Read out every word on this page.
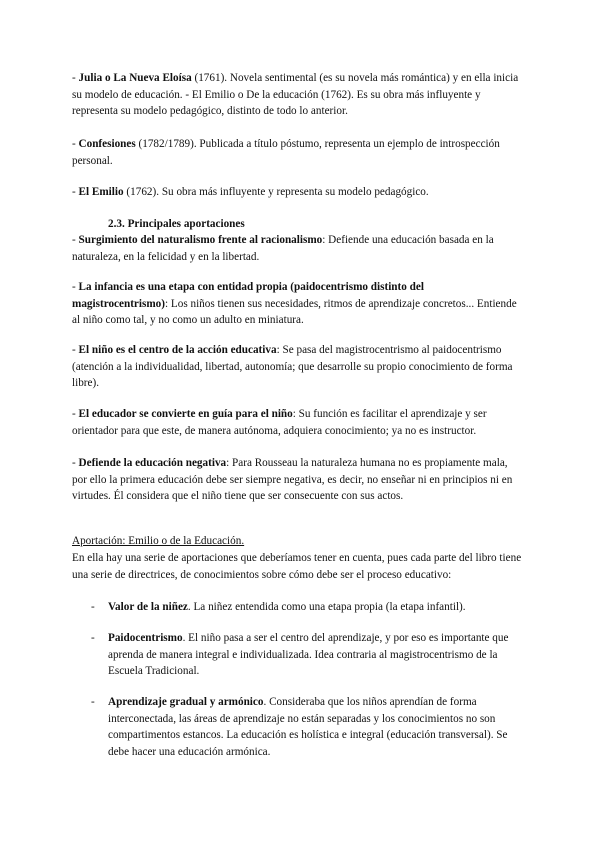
- Julia o La Nueva Eloísa (1761). Novela sentimental (es su novela más romántica) y en ella inicia su modelo de educación. - El Emilio o De la educación (1762). Es su obra más influyente y representa su modelo pedagógico, distinto de todo lo anterior.
- Confesiones (1782/1789). Publicada a título póstumo, representa un ejemplo de introspección personal.
- El Emilio (1762). Su obra más influyente y representa su modelo pedagógico.
2.3. Principales aportaciones
- Surgimiento del naturalismo frente al racionalismo: Defiende una educación basada en la naturaleza, en la felicidad y en la libertad.
- La infancia es una etapa con entidad propia (paidocentrismo distinto del magistrocentrismo): Los niños tienen sus necesidades, ritmos de aprendizaje concretos... Entiende al niño como tal, y no como un adulto en miniatura.
- El niño es el centro de la acción educativa: Se pasa del magistrocentrismo al paidocentrismo (atención a la individualidad, libertad, autonomía; que desarrolle su propio conocimiento de forma libre).
- El educador se convierte en guía para el niño: Su función es facilitar el aprendizaje y ser orientador para que este, de manera autónoma, adquiera conocimiento; ya no es instructor.
- Defiende la educación negativa: Para Rousseau la naturaleza humana no es propiamente mala, por ello la primera educación debe ser siempre negativa, es decir, no enseñar ni en principios ni en virtudes. Él considera que el niño tiene que ser consecuente con sus actos.
Aportación: Emilio o de la Educación.
En ella hay una serie de aportaciones que deberíamos tener en cuenta, pues cada parte del libro tiene una serie de directrices, de conocimientos sobre cómo debe ser el proceso educativo:
- Valor de la niñez. La niñez entendida como una etapa propia (la etapa infantil).
- Paidocentrismo. El niño pasa a ser el centro del aprendizaje, y por eso es importante que aprenda de manera integral e individualizada. Idea contraria al magistrocentrismo de la Escuela Tradicional.
- Aprendizaje gradual y armónico. Consideraba que los niños aprendían de forma interconectada, las áreas de aprendizaje no están separadas y los conocimientos no son compartimentos estancos. La educación es holística e integral (educación transversal). Se debe hacer una educación armónica.
